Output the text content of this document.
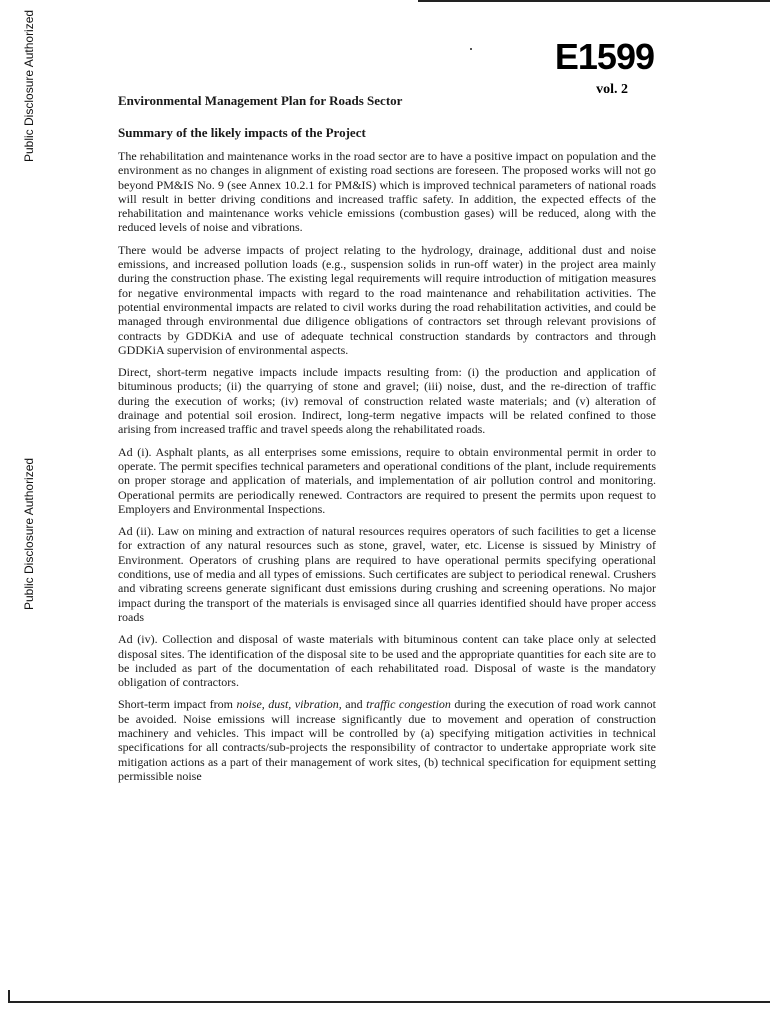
Public Disclosure Authorized
Public Disclosure Authorized
E1599
vol. 2
Environmental Management Plan for Roads Sector
Summary of the likely impacts of the Project

The rehabilitation and maintenance works in the road sector are to have a positive impact on population and the environment as no changes in alignment of existing road sections are foreseen. The proposed works will not go beyond PM&IS No. 9 (see Annex 10.2.1 for PM&IS) which is improved technical parameters of national roads will result in better driving conditions and increased traffic safety. In addition, the expected effects of the rehabilitation and maintenance works vehicle emissions (combustion gases) will be reduced, along with the reduced levels of noise and vibrations.

There would be adverse impacts of project relating to the hydrology, drainage, additional dust and noise emissions, and increased pollution loads (e.g., suspension solids in run-off water) in the project area mainly during the construction phase. The existing legal requirements will require introduction of mitigation measures for negative environmental impacts with regard to the road maintenance and rehabilitation activities. The potential environmental impacts are related to civil works during the road rehabilitation activities, and could be managed through environmental due diligence obligations of contractors set through relevant provisions of contracts by GDDKiA and use of adequate technical construction standards by contractors and through GDDKiA supervision of environmental aspects.

Direct, short-term negative impacts include impacts resulting from: (i) the production and application of bituminous products; (ii) the quarrying of stone and gravel; (iii) noise, dust, and the re-direction of traffic during the execution of works; (iv) removal of construction related waste materials; and (v) alteration of drainage and potential soil erosion. Indirect, long-term negative impacts will be related confined to those arising from increased traffic and travel speeds along the rehabilitated roads.

Ad (i). Asphalt plants, as all enterprises some emissions, require to obtain environmental permit in order to operate. The permit specifies technical parameters and operational conditions of the plant, include requirements on proper storage and application of materials, and implementation of air pollution control and monitoring. Operational permits are periodically renewed. Contractors are required to present the permits upon request to Employers and Environmental Inspections.

Ad (ii). Law on mining and extraction of natural resources requires operators of such facilities to get a license for extraction of any natural resources such as stone, gravel, water, etc. License is sissued by Ministry of Environment. Operators of crushing plans are required to have operational permits specifying operational conditions, use of media and all types of emissions. Such certificates are subject to periodical renewal. Crushers and vibrating screens generate significant dust emissions during crushing and screening operations. No major impact during the transport of the materials is envisaged since all quarries identified should have proper access roads

Ad (iv). Collection and disposal of waste materials with bituminous content can take place only at selected disposal sites. The identification of the disposal site to be used and the appropriate quantities for each site are to be included as part of the documentation of each rehabilitated road. Disposal of waste is the mandatory obligation of contractors.

Short-term impact from noise, dust, vibration, and traffic congestion during the execution of road work cannot be avoided. Noise emissions will increase significantly due to movement and operation of construction machinery and vehicles. This impact will be controlled by (a) specifying mitigation activities in technical specifications for all contracts/sub-projects the responsibility of contractor to undertake appropriate work site mitigation actions as a part of their management of work sites, (b) technical specification for equipment setting permissible noise
